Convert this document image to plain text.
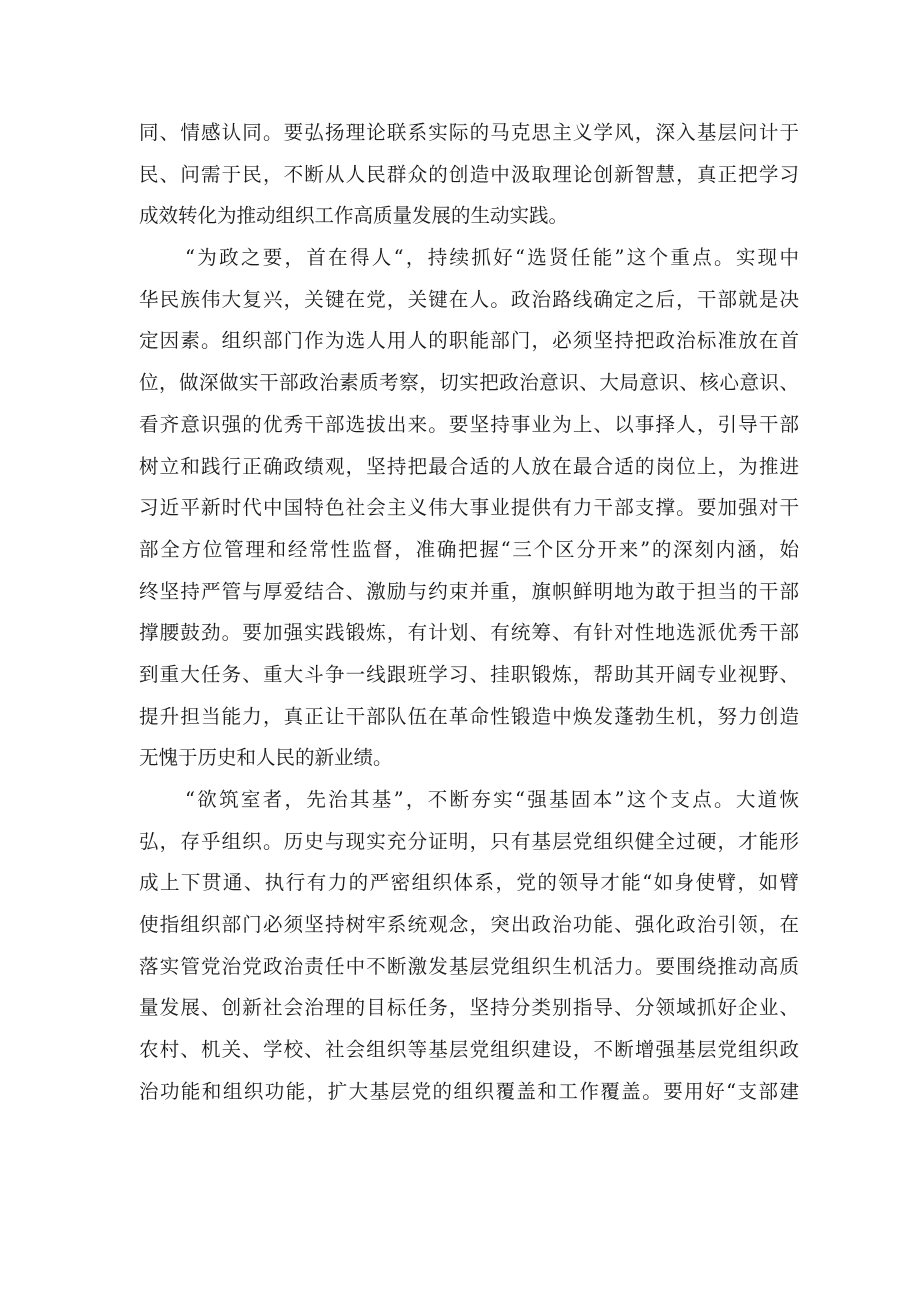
同、情感认同。要弘扬理论联系实际的马克思主义学风，深入基层问计于
民、问需于民，不断从人民群众的创造中汲取理论创新智慧，真正把学习
成效转化为推动组织工作高质量发展的生动实践。
“为政之要，首在得人“，持续抓好“选贤任能”这个重点。实现中
华民族伟大复兴，关键在党，关键在人。政治路线确定之后，干部就是决
定因素。组织部门作为选人用人的职能部门，必须坚持把政治标准放在首
位，做深做实干部政治素质考察，切实把政治意识、大局意识、核心意识、
看齐意识强的优秀干部选拔出来。要坚持事业为上、以事择人，引导干部
树立和践行正确政绩观，坚持把最合适的人放在最合适的岗位上，为推进
习近平新时代中国特色社会主义伟大事业提供有力干部支撑。要加强对干
部全方位管理和经常性监督，准确把握“三个区分开来”的深刻内涵，始
终坚持严管与厚爱结合、激励与约束并重，旗帜鲜明地为敢于担当的干部
撑腰鼓劲。要加强实践锻炼，有计划、有统筹、有针对性地选派优秀干部
到重大任务、重大斗争一线跟班学习、挂职锻炼，帮助其开阔专业视野、
提升担当能力，真正让干部队伍在革命性锻造中焕发蓬勃生机，努力创造
无愧于历史和人民的新业绩。
“欲筑室者，先治其基”，不断夯实“强基固本”这个支点。大道恢
弘，存乎组织。历史与现实充分证明，只有基层党组织健全过硬，才能形
成上下贯通、执行有力的严密组织体系，党的领导才能“如身使臂，如臂
使指组织部门必须坚持树牢系统观念，突出政治功能、强化政治引领，在
落实管党治党政治责任中不断激发基层党组织生机活力。要围绕推动高质
量发展、创新社会治理的目标任务，坚持分类别指导、分领域抓好企业、
农村、机关、学校、社会组织等基层党组织建设，不断增强基层党组织政
治功能和组织功能，扩大基层党的组织覆盖和工作覆盖。要用好“支部建
